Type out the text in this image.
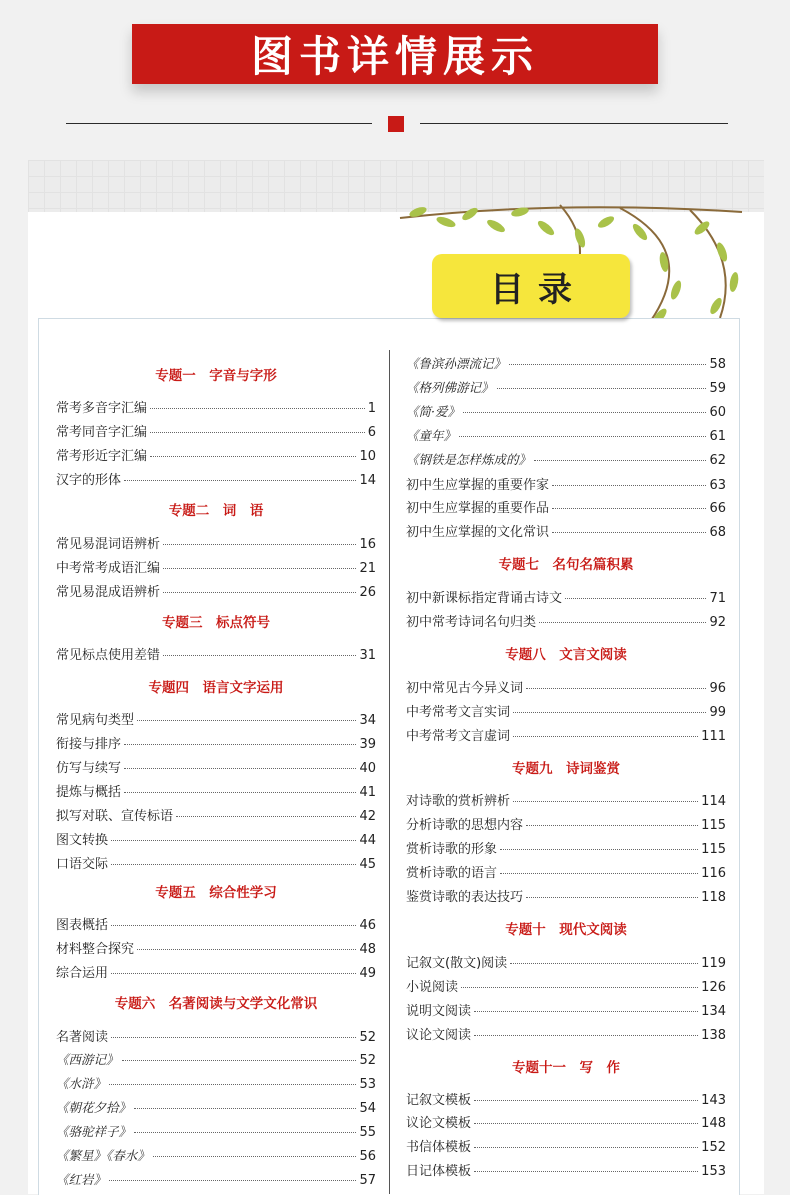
图书详情展示
目录
专题一　字音与字形
常考多音字汇编	1
常考同音字汇编	6
常考形近字汇编	10
汉字的形体	14
专题二　词　语
常见易混词语辨析	16
中考常考成语汇编	21
常见易混成语辨析	26
专题三　标点符号
常见标点使用差错	31
专题四　语言文字运用
常见病句类型	34
衔接与排序	39
仿写与续写	40
提炼与概括	41
拟写对联、宣传标语	42
图文转换	44
口语交际	45
专题五　综合性学习
图表概括	46
材料整合探究	48
综合运用	49
专题六　名著阅读与文学文化常识
名著阅读	52
《西游记》	52
《水浒》	53
《朝花夕拾》	54
《骆驼祥子》	55
《繁星》《春水》	56
《红岩》	57
《鲁滨孙漂流记》	58
《格列佛游记》	59
《简·爱》	60
《童年》	61
《钢铁是怎样炼成的》	62
初中生应掌握的重要作家	63
初中生应掌握的重要作品	66
初中生应掌握的文化常识	68
专题七　名句名篇积累
初中新课标指定背诵古诗文	71
初中常考诗词名句归类	92
专题八　文言文阅读
初中常见古今异义词	96
中考常考文言实词	99
中考常考文言虚词	111
专题九　诗词鉴赏
对诗歌的赏析辨析	114
分析诗歌的思想内容	115
赏析诗歌的形象	115
赏析诗歌的语言	116
鉴赏诗歌的表达技巧	118
专题十　现代文阅读
记叙文(散文)阅读	119
小说阅读	126
说明文阅读	134
议论文阅读	138
专题十一　写　作
记叙文模板	143
议论文模板	148
书信体模板	152
日记体模板	153
